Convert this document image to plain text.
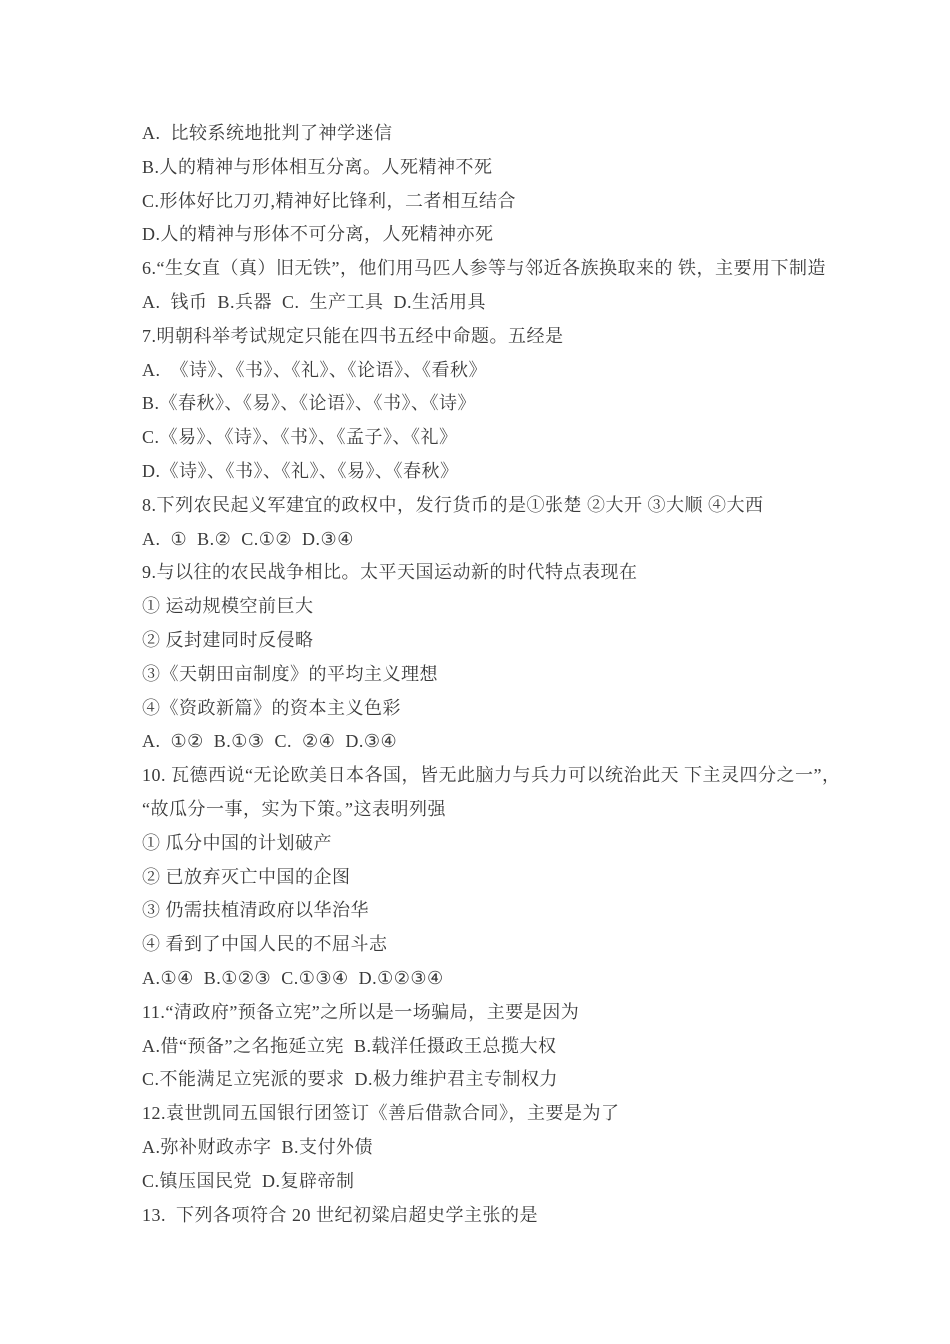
A.  比较系统地批判了神学迷信
B.人的精神与形体相互分离。人死精神不死
C.形体好比刀刃,精神好比锋利，二者相互结合
D.人的精神与形体不可分离，人死精神亦死
6.“生女直（真）旧无铁”，他们用马匹人参等与邻近各族换取来的 铁，主要用下制造
A.  钱币  B.兵器  C.  生产工具  D.生活用具
7.明朝科举考试规定只能在四书五经中命题。五经是
A.  《诗》、《书》、《礼》、《论语》、《看秋》
B.《春秋》、《易》、《论语》、《书》、《诗》
C.《易》、《诗》、《书》、《孟子》、《礼》
D.《诗》、《书》、《礼》、《易》、《春秋》
8.下列农民起义军建宜的政权中，发行货币的是①张楚 ②大开 ③大顺 ④大西
A.  ①  B.②  C.①②  D.③④
9.与以往的农民战争相比。太平天国运动新的时代特点表现在
① 运动规模空前巨大
② 反封建同时反侵略
③《天朝田亩制度》的平均主义理想
④《资政新篇》的资本主义色彩
A.  ①②  B.①③  C.  ②④  D.③④
10. 瓦德西说“无论欧美日本各国，皆无此脑力与兵力可以统治此天 下主灵四分之一”，
“故瓜分一事，实为下策。”这表明列强
① 瓜分中国的计划破产
② 已放弃灭亡中国的企图
③ 仍需扶植清政府以华治华
④ 看到了中国人民的不屈斗志
A.①④  B.①②③  C.①③④  D.①②③④
11.“清政府”预备立宪”之所以是一场骗局，主要是因为
A.借“预备”之名拖延立宪  B.载洋任摄政王总揽大权
C.不能满足立宪派的要求  D.极力维护君主专制权力
12.袁世凯同五国银行团签订《善后借款合同》，主要是为了
A.弥补财政赤字  B.支付外债
C.镇压国民党  D.复辟帝制
13.  下列各项符合 20 世纪初粱启超史学主张的是
